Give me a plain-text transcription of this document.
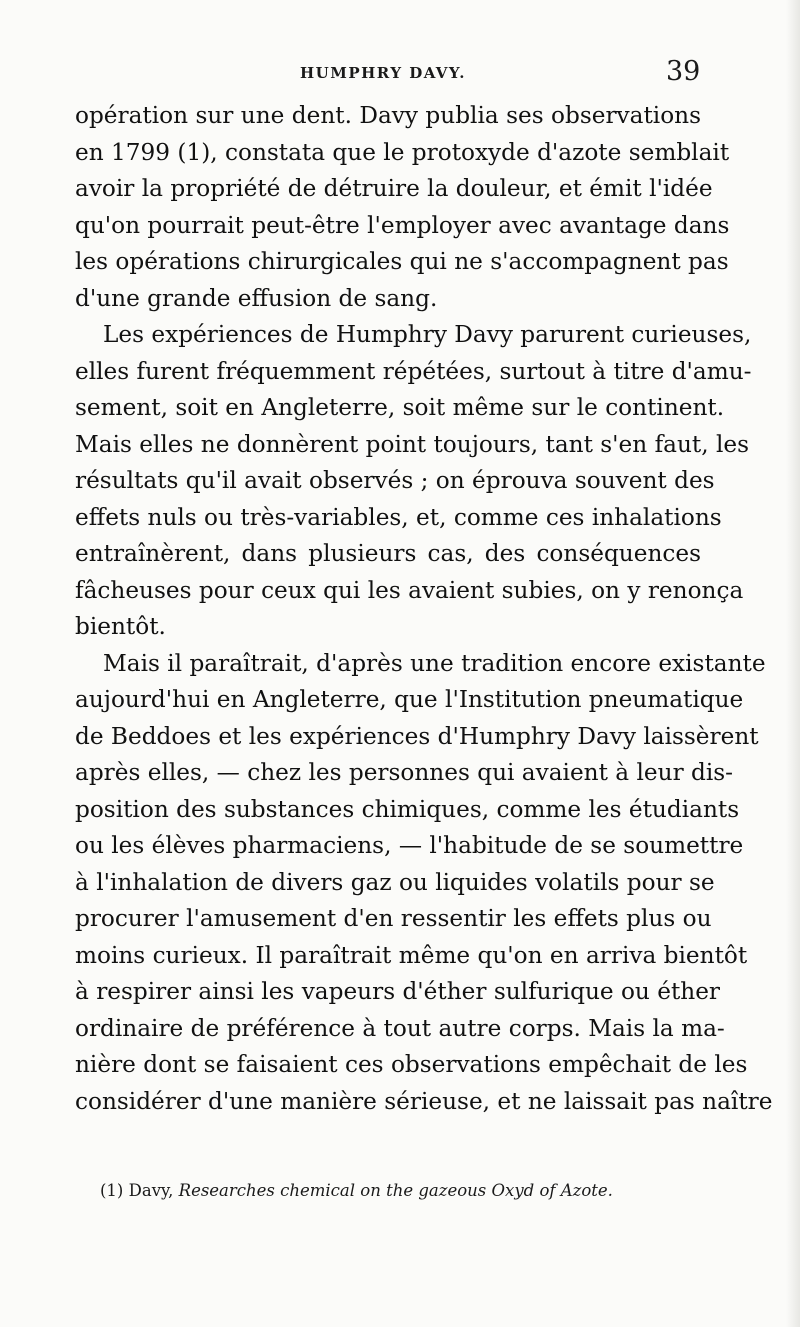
HUMPHRY DAVY.	39
opération sur une dent. Davy publia ses observations
en 1799 (1), constata que le protoxyde d'azote semblait
avoir la propriété de détruire la douleur, et émit l'idée
qu'on pourrait peut-être l'employer avec avantage dans
les opérations chirurgicales qui ne s'accompagnent pas
d'une grande effusion de sang.
Les expériences de Humphry Davy parurent curieuses,
elles furent fréquemment répétées, surtout à titre d'amu-
sement, soit en Angleterre, soit même sur le continent.
Mais elles ne donnèrent point toujours, tant s'en faut, les
résultats qu'il avait observés ; on éprouva souvent des
effets nuls ou très-variables, et, comme ces inhalations
entraînèrent, dans plusieurs cas, des conséquences
fâcheuses pour ceux qui les avaient subies, on y renonça
bientôt.
Mais il paraîtrait, d'après une tradition encore existante
aujourd'hui en Angleterre, que l'Institution pneumatique
de Beddoes et les expériences d'Humphry Davy laissèrent
après elles, — chez les personnes qui avaient à leur dis-
position des substances chimiques, comme les étudiants
ou les élèves pharmaciens, — l'habitude de se soumettre
à l'inhalation de divers gaz ou liquides volatils pour se
procurer l'amusement d'en ressentir les effets plus ou
moins curieux. Il paraîtrait même qu'on en arriva bientôt
à respirer ainsi les vapeurs d'éther sulfurique ou éther
ordinaire de préférence à tout autre corps. Mais la ma-
nière dont se faisaient ces observations empêchait de les
considérer d'une manière sérieuse, et ne laissait pas naître
(1) Davy, Researches chemical on the gazeous Oxyd of Azote.
